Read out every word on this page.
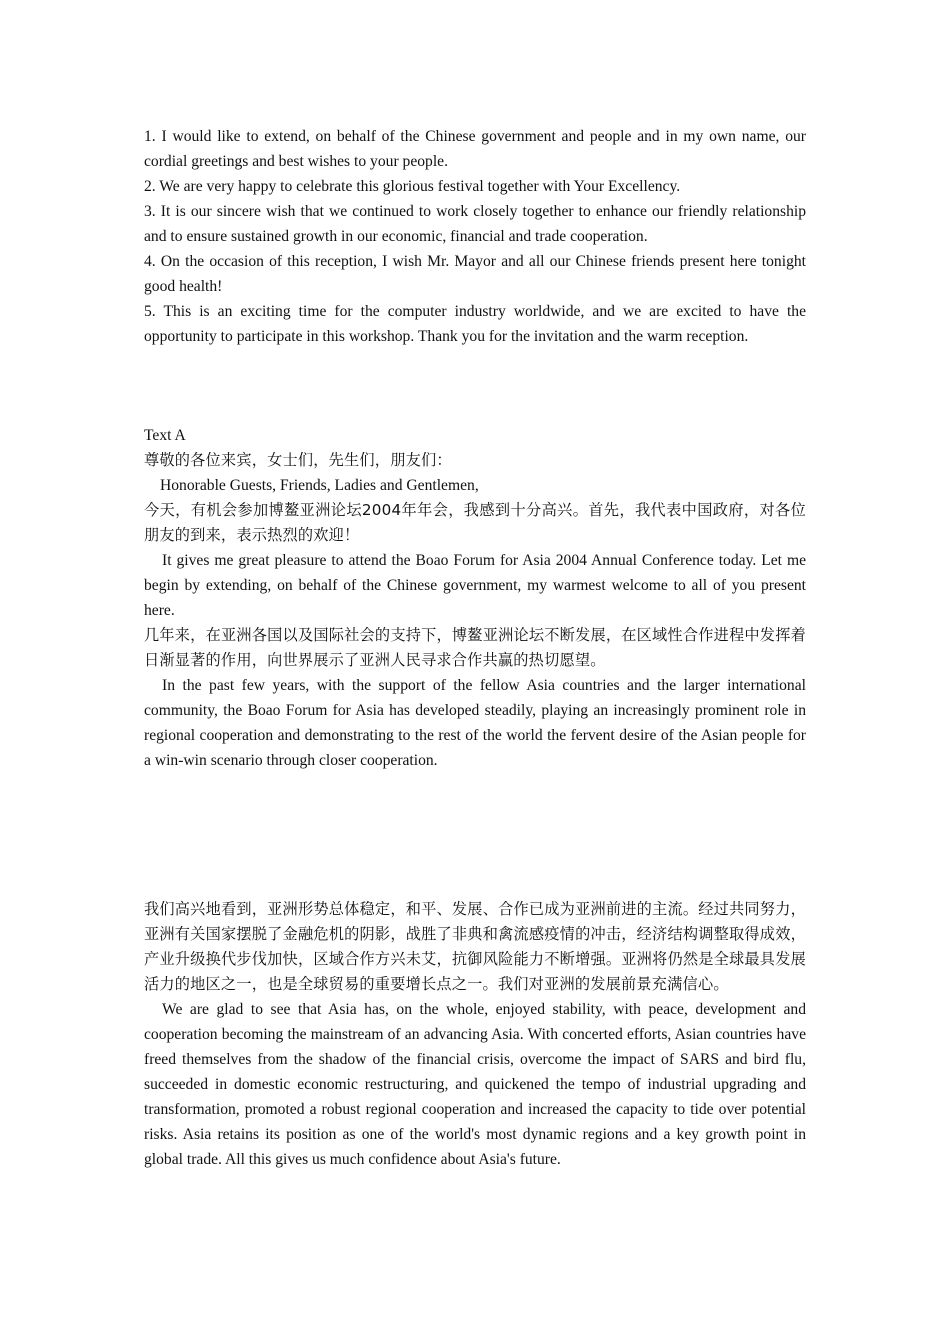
1. I would like to extend, on behalf of the Chinese government and people and in my own name, our cordial greetings and best wishes to your people.

2. We are very happy to celebrate this glorious festival together with Your Excellency.

3. It is our sincere wish that we continued to work closely together to enhance our friendly relationship and to ensure sustained growth in our economic, financial and trade cooperation.

4. On the occasion of this reception, I wish Mr. Mayor and all our Chinese friends present here tonight good health!

5. This is an exciting time for the computer industry worldwide, and we are excited to have the opportunity to participate in this workshop. Thank you for the invitation and the warm reception.

Text A

尊敬的各位来宾，女士们，先生们，朋友们：

Honorable Guests, Friends, Ladies and Gentlemen,

今天，有机会参加博鳌亚洲论坛2004年年会，我感到十分高兴。首先，我代表中国政府，对各位朋友的到来，表示热烈的欢迎！

It gives me great pleasure to attend the Boao Forum for Asia 2004 Annual Conference today. Let me begin by extending, on behalf of the Chinese government, my warmest welcome to all of you present here.

几年来，在亚洲各国以及国际社会的支持下，博鳌亚洲论坛不断发展，在区域性合作进程中发挥着日渐显著的作用，向世界展示了亚洲人民寻求合作共赢的热切愿望。

In the past few years, with the support of the fellow Asia countries and the larger international community, the Boao Forum for Asia has developed steadily, playing an increasingly prominent role in regional cooperation and demonstrating to the rest of the world the fervent desire of the Asian people for a win-win scenario through closer cooperation.

我们高兴地看到，亚洲形势总体稳定，和平、发展、合作已成为亚洲前进的主流。经过共同努力，亚洲有关国家摆脱了金融危机的阴影，战胜了非典和禽流感疫情的冲击，经济结构调整取得成效，产业升级换代步伐加快，区域合作方兴未艾，抗御风险能力不断增强。亚洲将仍然是全球最具发展活力的地区之一，也是全球贸易的重要增长点之一。我们对亚洲的发展前景充满信心。

We are glad to see that Asia has, on the whole, enjoyed stability, with peace, development and cooperation becoming the mainstream of an advancing Asia. With concerted efforts, Asian countries have freed themselves from the shadow of the financial crisis, overcome the impact of SARS and bird flu, succeeded in domestic economic restructuring, and quickened the tempo of industrial upgrading and transformation, promoted a robust regional cooperation and increased the capacity to tide over potential risks. Asia retains its position as one of the world's most dynamic regions and a key growth point in global trade. All this gives us much confidence about Asia's future.
